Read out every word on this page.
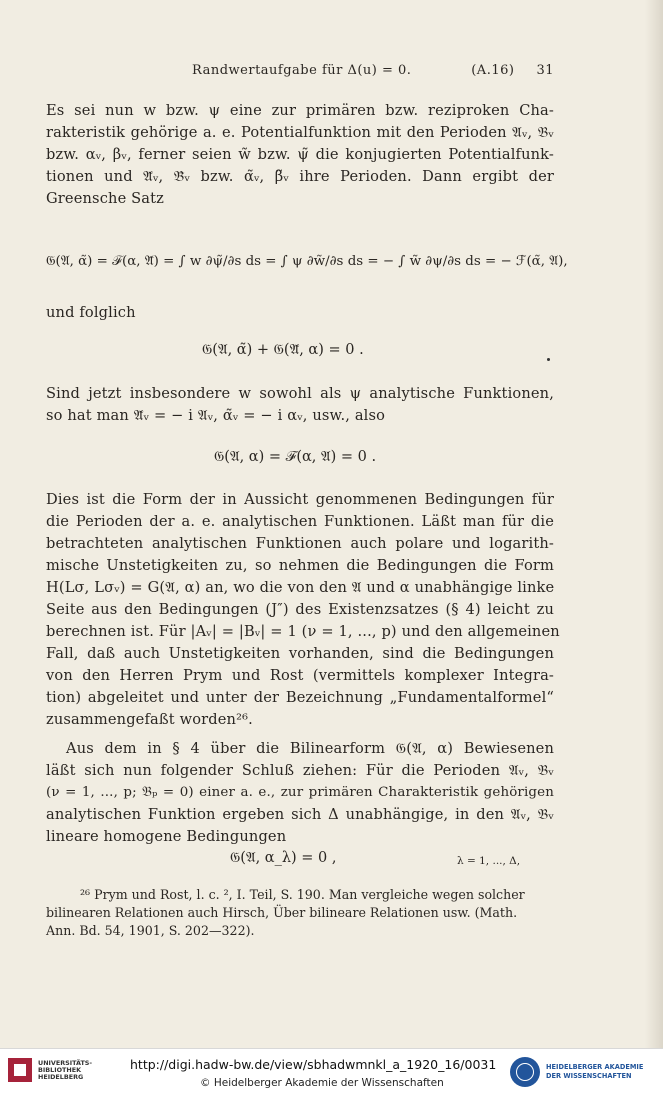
Randwertaufgabe für Δ(u) = 0.	(A.16) 31
Es sei nun w bzw. ψ eine zur primären bzw. reziproken Cha-
rakteristik gehörige a. e. Potentialfunktion mit den Perioden 𝔄ᵥ, 𝔅ᵥ
bzw. αᵥ, βᵥ, ferner seien w̃ bzw. ψ̃ die konjugierten Potentialfunk-
tionen und 𝔄̃ᵥ, 𝔅̃ᵥ bzw. α̃ᵥ, β̃ᵥ ihre Perioden. Dann ergibt der
Greensche Satz
𝔊(𝔄, α̃) = ℱ(α, 𝔄̃) = ∫ w ∂ψ̃/∂s ds = ∫ ψ ∂w̃/∂s ds = − ∫ w̃ ∂ψ/∂s ds = − ℱ(α̃, 𝔄),
und folglich
𝔊(𝔄, α̃) + 𝔊(𝔄̃, α) = 0 .
Sind jetzt insbesondere w sowohl als ψ analytische Funktionen,
so hat man 𝔄̃ᵥ = − i 𝔄ᵥ, α̃ᵥ = − i αᵥ, usw., also
𝔊(𝔄, α) = ℱ(α, 𝔄) = 0 .
Dies ist die Form der in Aussicht genommenen Bedingungen für
die Perioden der a. e. analytischen Funktionen. Läßt man für die
betrachteten analytischen Funktionen auch polare und logarith-
mische Unstetigkeiten zu, so nehmen die Bedingungen die Form
H(Lσ, Lσᵥ) = G(𝔄, α) an, wo die von den 𝔄 und α unabhängige linke
Seite aus den Bedingungen (J″) des Existenzsatzes (§ 4) leicht zu
berechnen ist. Für |Aᵥ| = |Bᵥ| = 1 (ν = 1, ..., p) und den allgemeinen
Fall, daß auch Unstetigkeiten vorhanden, sind die Bedingungen
von den Herren Prym und Rost (vermittels komplexer Integra-
tion) abgeleitet und unter der Bezeichnung „Fundamentalformel“
zusammengefaßt worden²⁶.
Aus dem in § 4 über die Bilinearform 𝔊(𝔄, α) Bewiesenen
läßt sich nun folgender Schluß ziehen: Für die Perioden 𝔄ᵥ, 𝔅ᵥ
(ν = 1, ..., p; 𝔅ₚ = 0) einer a. e., zur primären Charakteristik gehörigen
analytischen Funktion ergeben sich Δ unabhängige, in den 𝔄ᵥ, 𝔅ᵥ
lineare homogene Bedingungen
𝔊(𝔄, α_λ) = 0 ,	λ = 1, ..., Δ,
²⁶ Prym und Rost, l. c. ², I. Teil, S. 190. Man vergleiche wegen solcher
bilinearen Relationen auch Hirsch, Über bilineare Relationen usw. (Math.
Ann. Bd. 54, 1901, S. 202—322).
UNIVERSITÄTS-
BIBLIOTHEK
HEIDELBERG
http://digi.hadw-bw.de/view/sbhadwmnkl_a_1920_16/0031
© Heidelberger Akademie der Wissenschaften
HEIDELBERGER AKADEMIE
DER WISSENSCHAFTEN
